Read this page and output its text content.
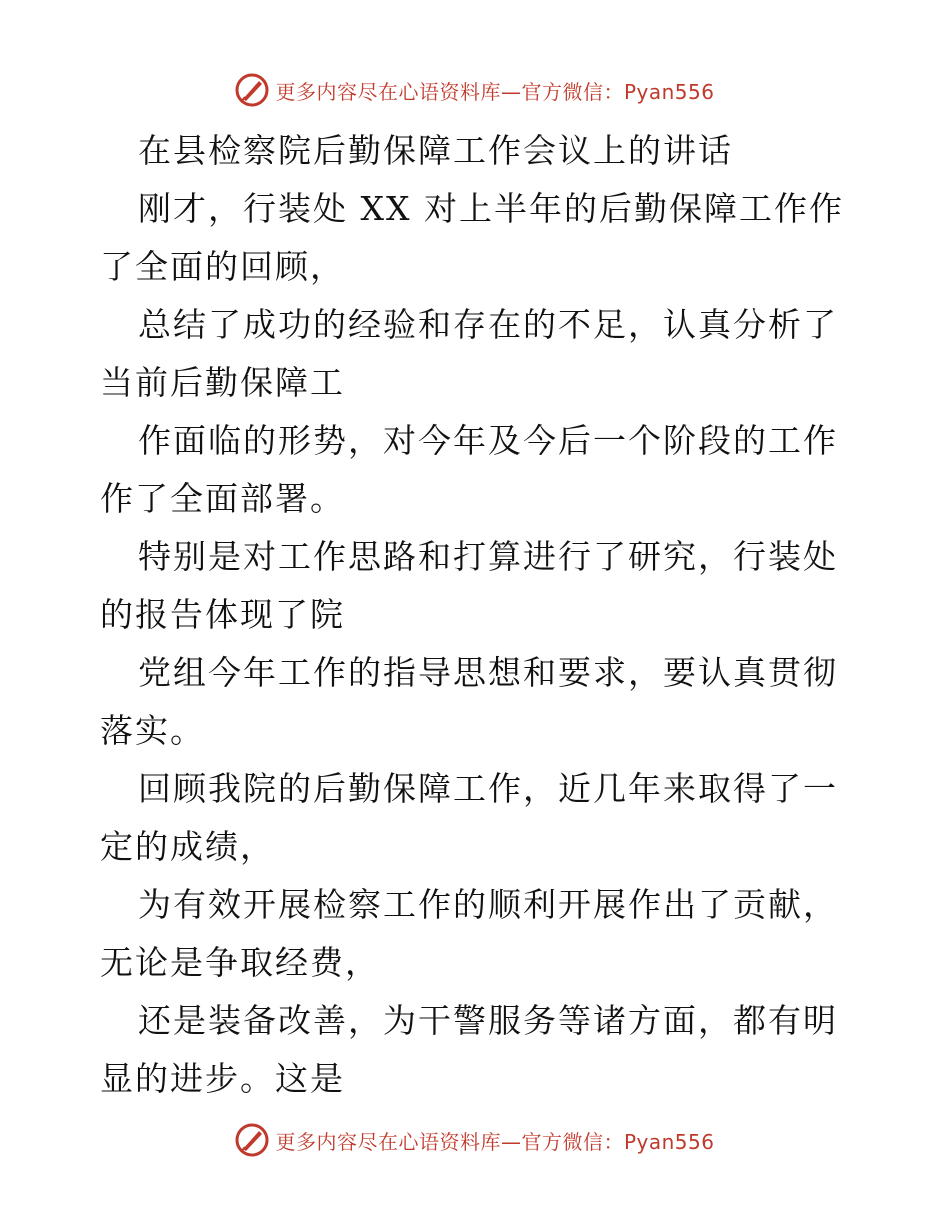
更多内容尽在心语资料库—官方微信：Pyan556

在县检察院后勤保障工作会议上的讲话

刚才，行装处 XX 对上半年的后勤保障工作作了全面的回顾，

总结了成功的经验和存在的不足，认真分析了当前后勤保障工

作面临的形势，对今年及今后一个阶段的工作作了全面部署。

特别是对工作思路和打算进行了研究，行装处的报告体现了院

党组今年工作的指导思想和要求，要认真贯彻落实。

回顾我院的后勤保障工作，近几年来取得了一定的成绩，

为有效开展检察工作的顺利开展作出了贡献，无论是争取经费，

还是装备改善，为干警服务等诸方面，都有明显的进步。这是

更多内容尽在心语资料库—官方微信：Pyan556
